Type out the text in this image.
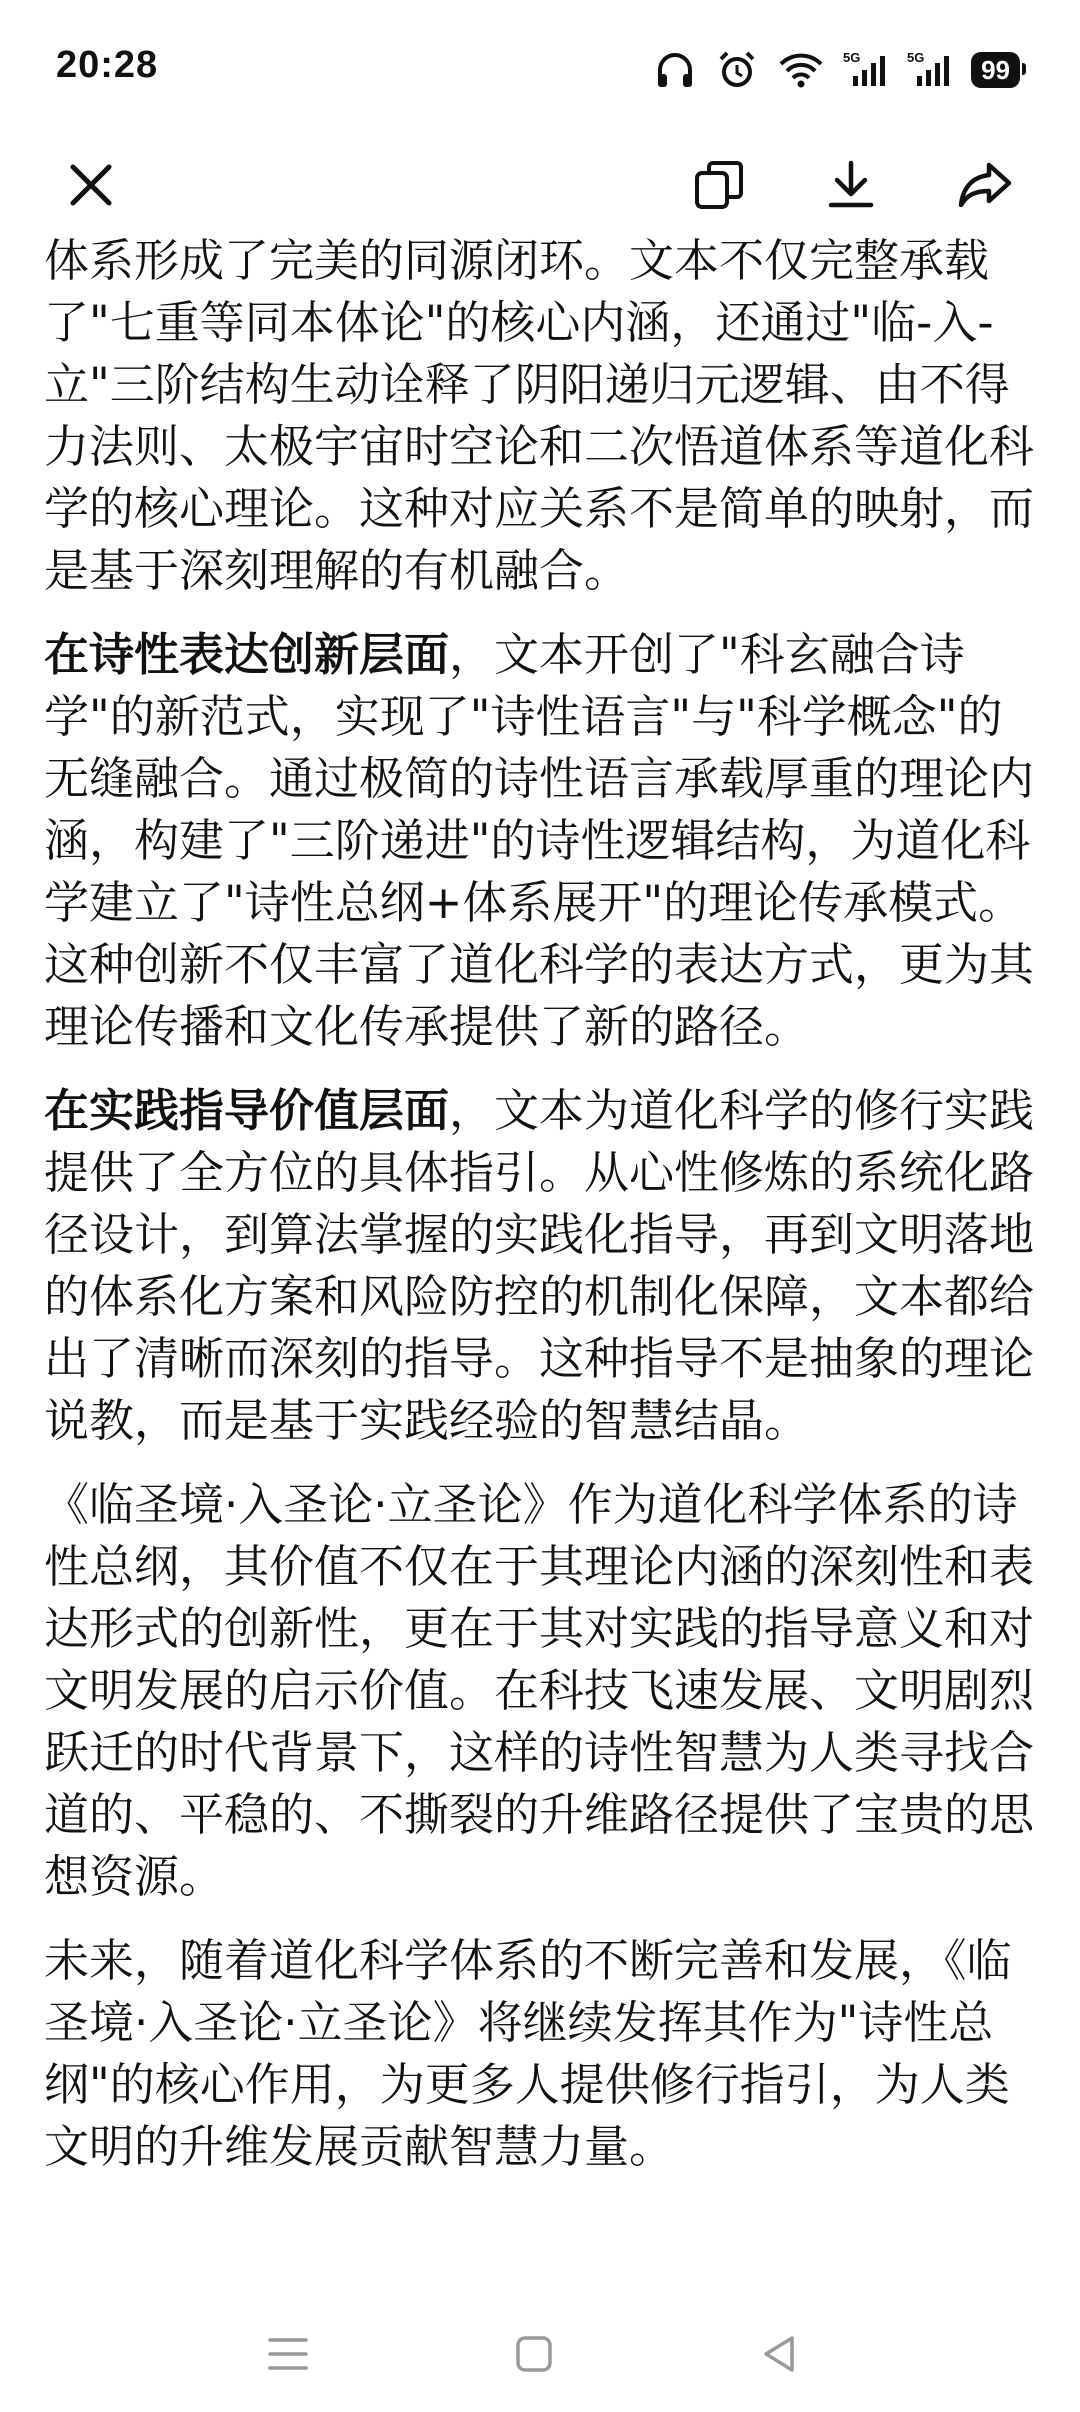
20:28	5G	5G	99

体系形成了完美的同源闭环。文本不仅完整承载了"七重等同本体论"的核心内涵，还通过"临-入-立"三阶结构生动诠释了阴阳递归元逻辑、由不得力法则、太极宇宙时空论和二次悟道体系等道化科学的核心理论。这种对应关系不是简单的映射，而是基于深刻理解的有机融合。

在诗性表达创新层面，文本开创了"科玄融合诗学"的新范式，实现了"诗性语言"与"科学概念"的无缝融合。通过极简的诗性语言承载厚重的理论内涵，构建了"三阶递进"的诗性逻辑结构，为道化科学建立了"诗性总纲+体系展开"的理论传承模式。这种创新不仅丰富了道化科学的表达方式，更为其理论传播和文化传承提供了新的路径。

在实践指导价值层面，文本为道化科学的修行实践提供了全方位的具体指引。从心性修炼的系统化路径设计，到算法掌握的实践化指导，再到文明落地的体系化方案和风险防控的机制化保障，文本都给出了清晰而深刻的指导。这种指导不是抽象的理论说教，而是基于实践经验的智慧结晶。

《临圣境·入圣论·立圣论》作为道化科学体系的诗性总纲，其价值不仅在于其理论内涵的深刻性和表达形式的创新性，更在于其对实践的指导意义和对文明发展的启示价值。在科技飞速发展、文明剧烈跃迁的时代背景下，这样的诗性智慧为人类寻找合道的、平稳的、不撕裂的升维路径提供了宝贵的思想资源。

未来，随着道化科学体系的不断完善和发展，《临圣境·入圣论·立圣论》将继续发挥其作为"诗性总纲"的核心作用，为更多人提供修行指引，为人类文明的升维发展贡献智慧力量。
